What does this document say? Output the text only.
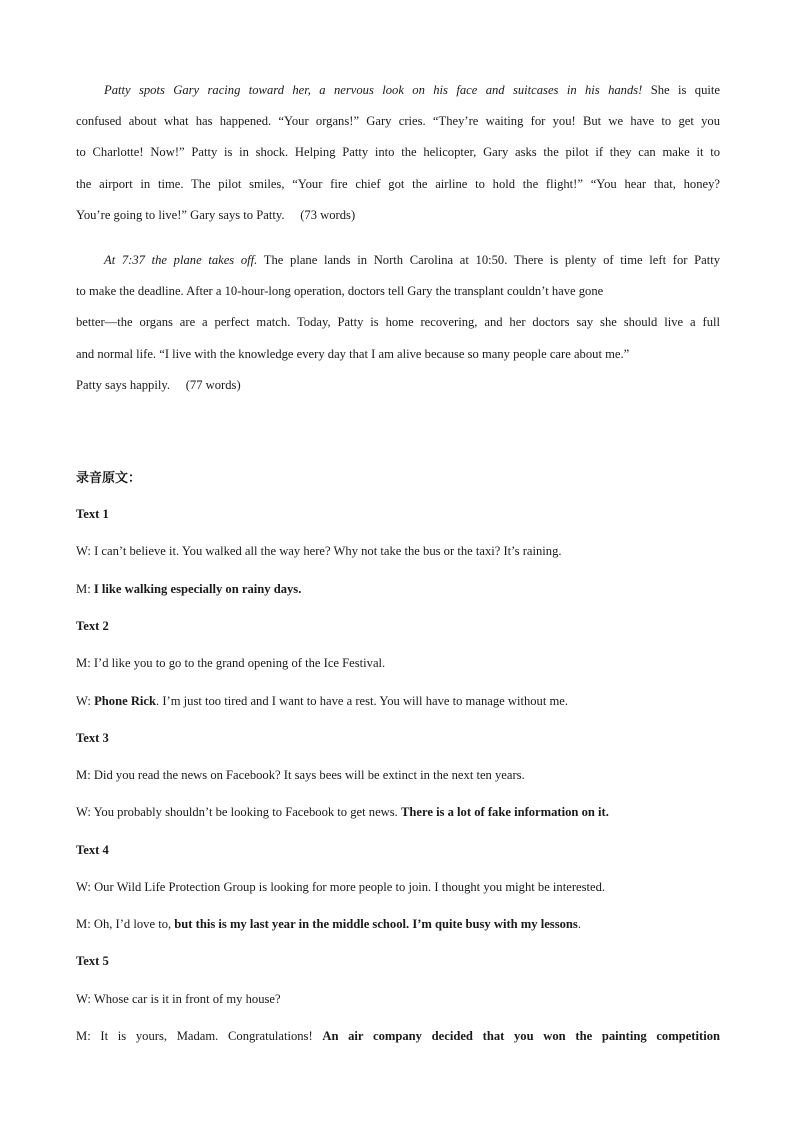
Patty spots Gary racing toward her, a nervous look on his face and suitcases in his hands! She is quite
confused about what has happened. “Your organs!” Gary cries. “They’re waiting for you! But we have to get you
to Charlotte! Now!” Patty is in shock. Helping Patty into the helicopter, Gary asks the pilot if they can make it to
the airport in time. The pilot smiles, “Your fire chief got the airline to hold the flight!” “You hear that, honey?
You’re going to live!” Gary says to Patty. (73 words)

At 7:37 the plane takes off. The plane lands in North Carolina at 10:50. There is plenty of time left for Patty
to make the deadline. After a 10-hour-long operation, doctors tell Gary the transplant couldn’t have gone
better—the organs are a perfect match. Today, Patty is home recovering, and her doctors say she should live a full
and normal life. “I live with the knowledge every day that I am alive because so many people care about me.”
Patty says happily. (77 words)

录音原文：
Text 1
W: I can’t believe it. You walked all the way here? Why not take the bus or the taxi? It’s raining.
M: I like walking especially on rainy days.
Text 2
M: I’d like you to go to the grand opening of the Ice Festival.
W: Phone Rick. I’m just too tired and I want to have a rest. You will have to manage without me.
Text 3
M: Did you read the news on Facebook? It says bees will be extinct in the next ten years.
W: You probably shouldn’t be looking to Facebook to get news. There is a lot of fake information on it.
Text 4
W: Our Wild Life Protection Group is looking for more people to join. I thought you might be interested.
M: Oh, I’d love to, but this is my last year in the middle school. I’m quite busy with my lessons.
Text 5
W: Whose car is it in front of my house?
M: It is yours, Madam. Congratulations! An air company decided that you won the painting competition
